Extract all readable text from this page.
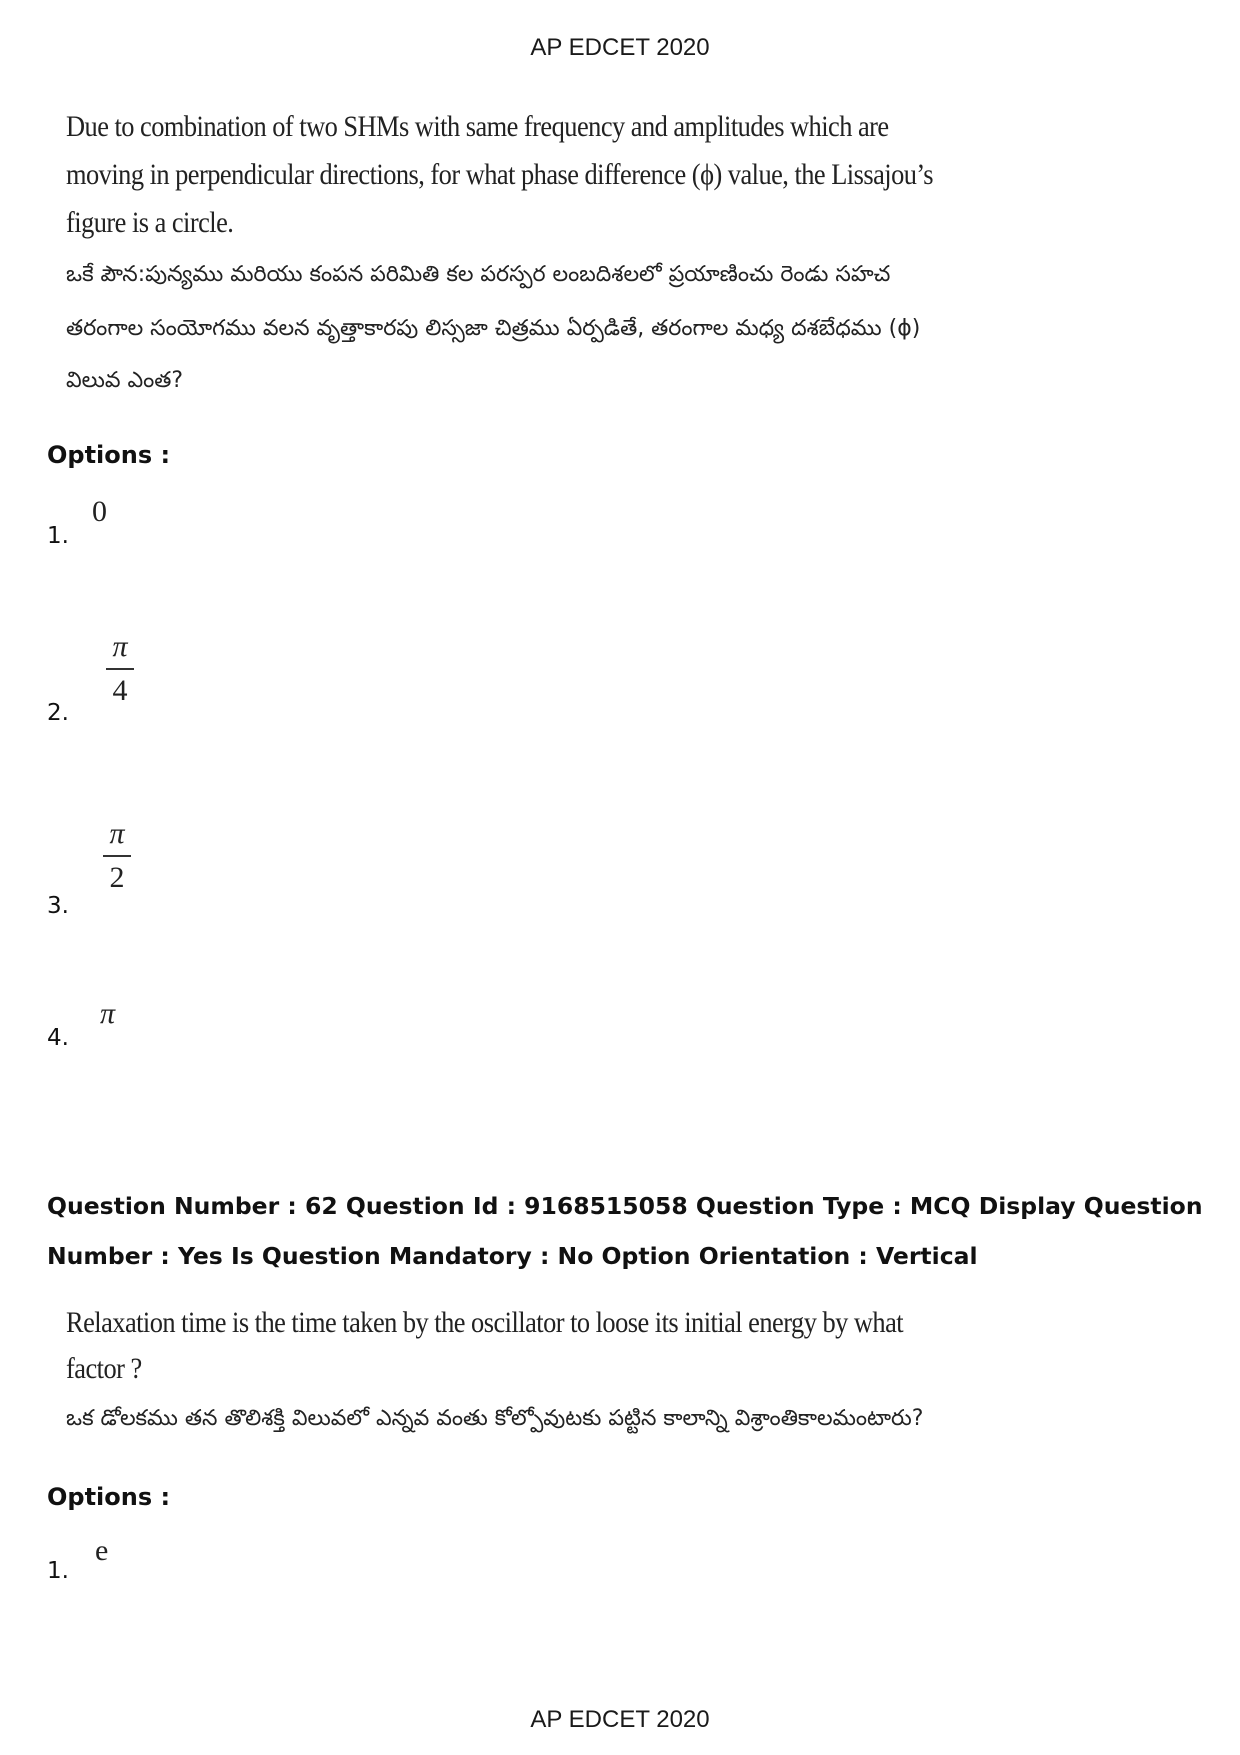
AP EDCET 2020
Due to combination of two SHMs with same frequency and amplitudes which are
moving in perpendicular directions, for what phase difference (ϕ) value, the Lissajou’s
figure is a circle.
ఒకే పౌన:పున్యము మరియు కంపన పరిమితి కల పరస్పర లంబదిశలలో ప్రయాణించు రెండు సహచ
తరంగాల సంయోగము వలన వృత్తాకారపు లిస్సజా చిత్రము ఏర్పడితే, తరంగాల మధ్య దశబేధము (ϕ)
విలువ ఎంత?
Options :
1.
0
2.
$\frac{\pi}{4}$
3.
$\frac{\pi}{2}$
4.
π
Question Number : 62 Question Id : 9168515058 Question Type : MCQ Display Question
Number : Yes Is Question Mandatory : No Option Orientation : Vertical
Relaxation time is the time taken by the oscillator to loose its initial energy by what
factor ?
ఒక డోలకము తన తొలిశక్తి విలువలో ఎన్నవ వంతు కోల్పోవుటకు పట్టిన కాలాన్ని విశ్రాంతికాలమంటారు?
Options :
1.
e
AP EDCET 2020
